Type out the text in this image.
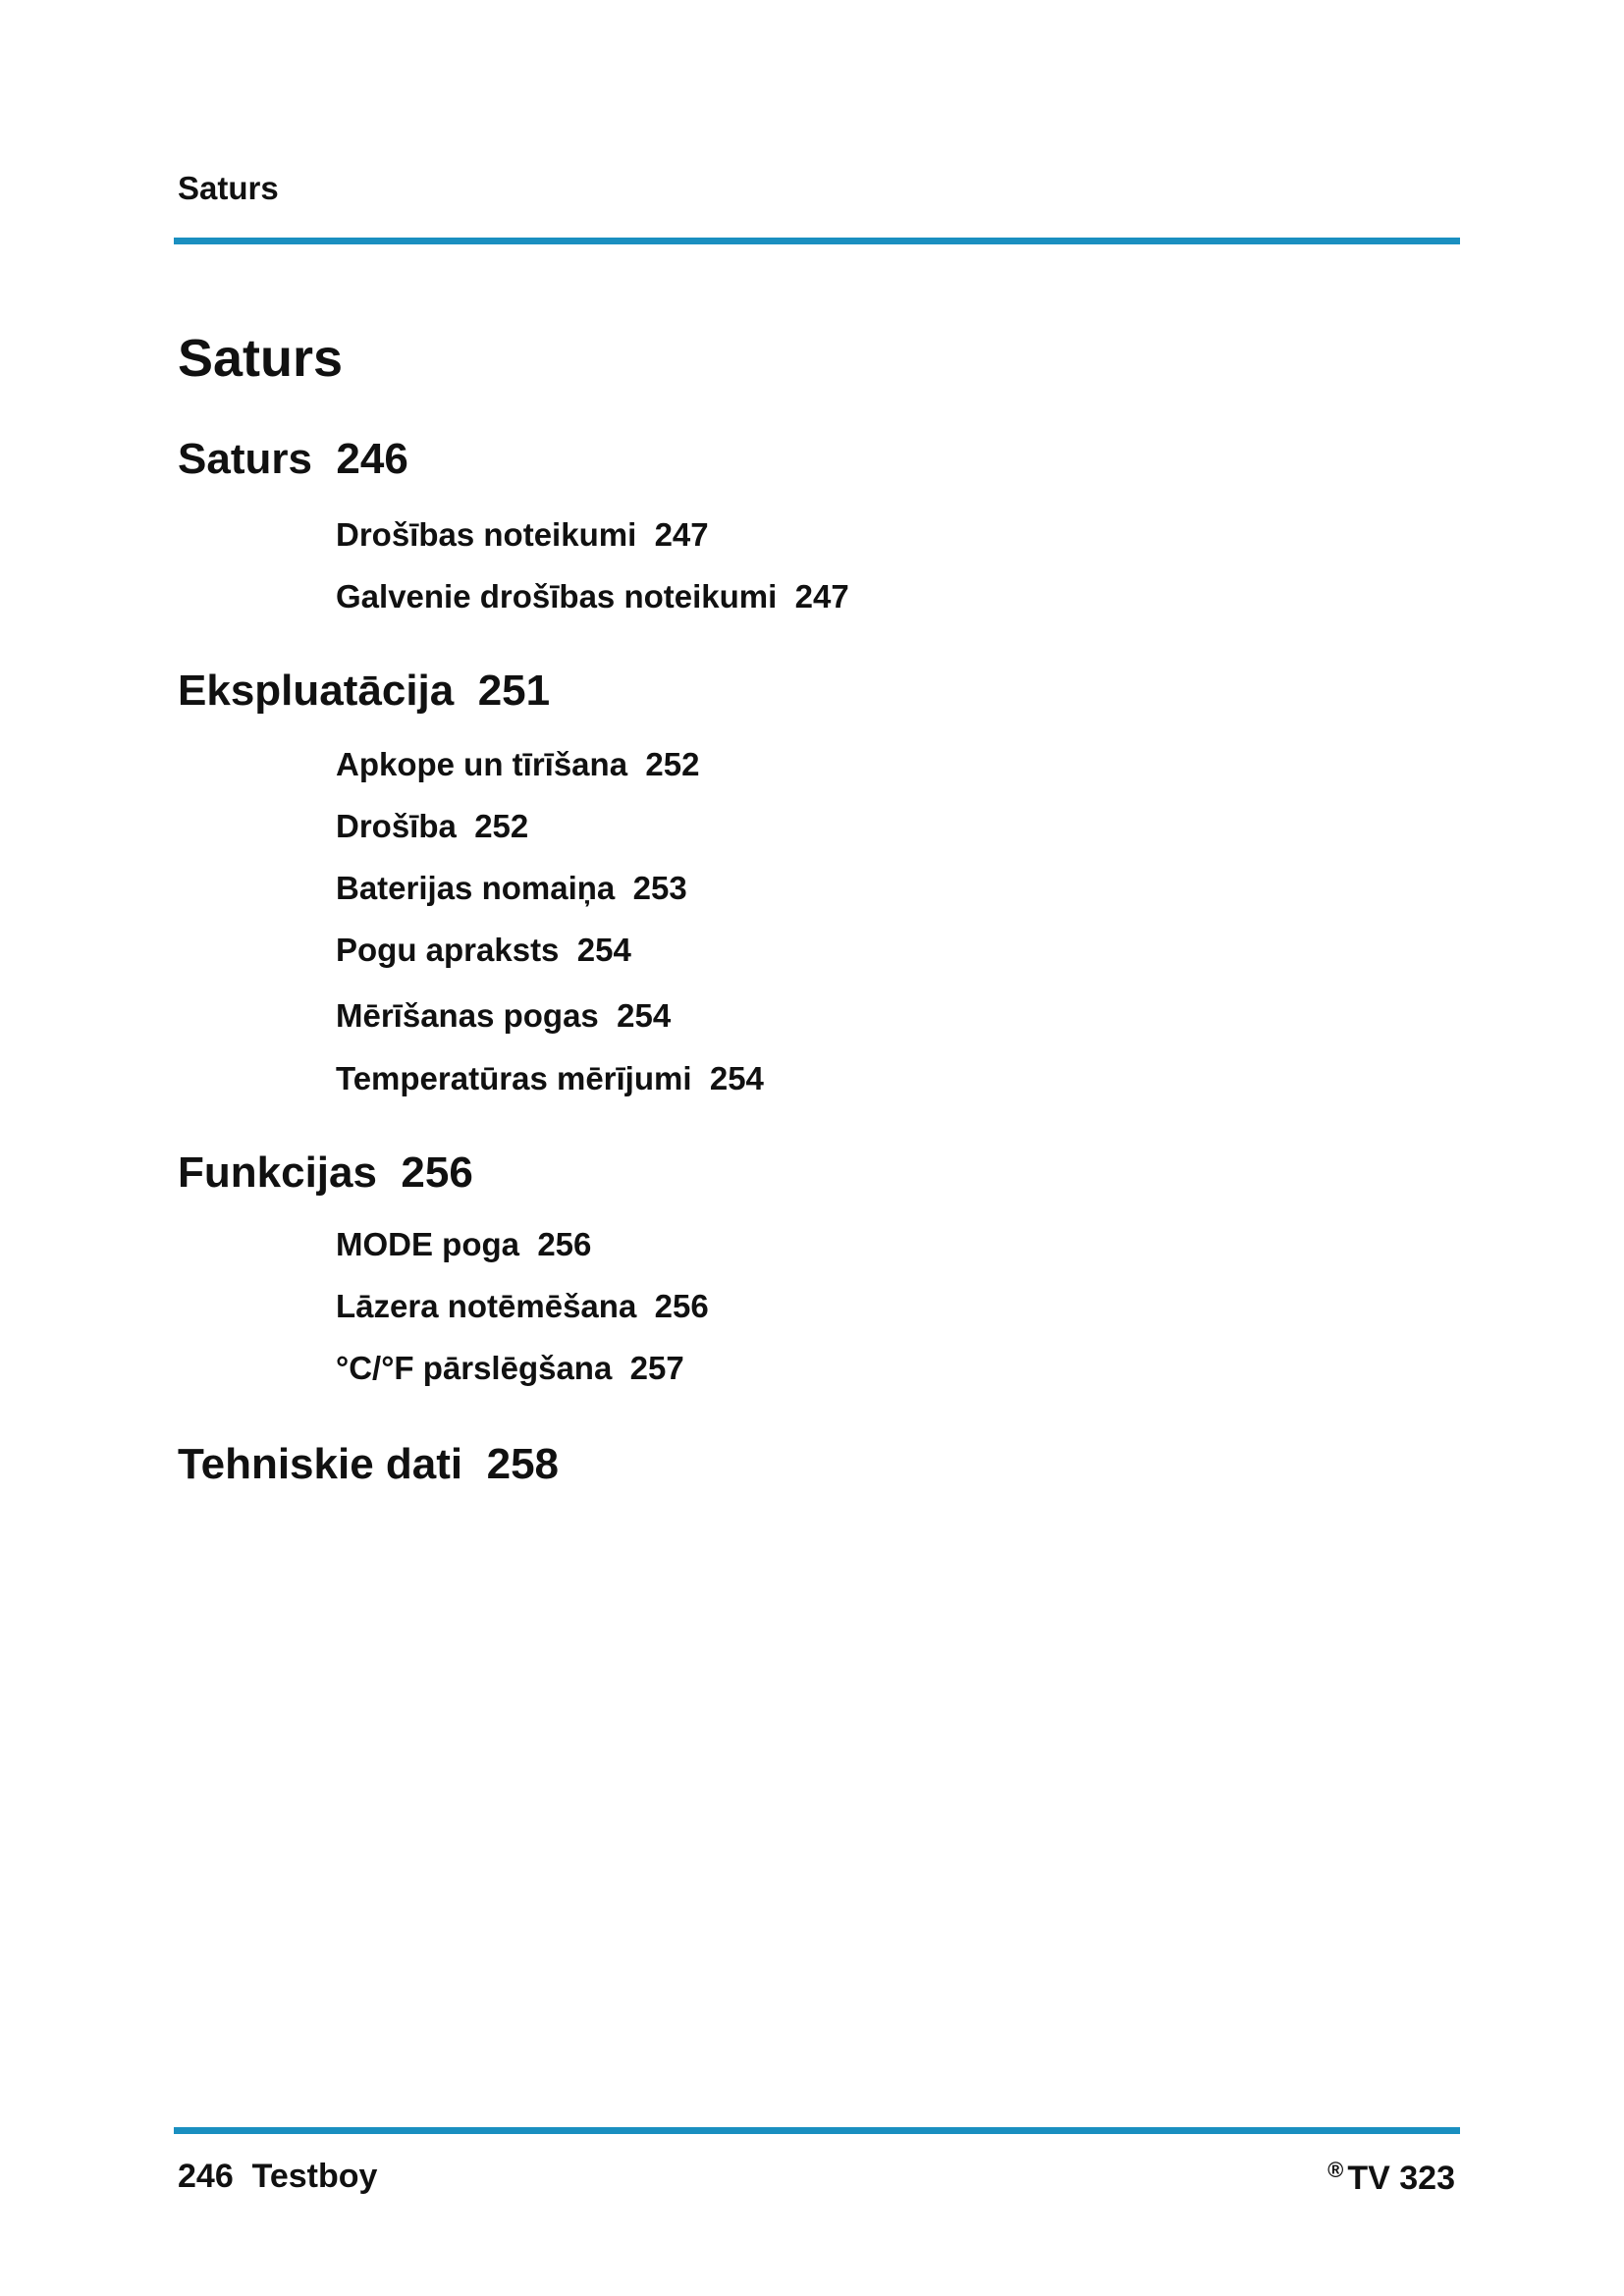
Saturs
Saturs
Saturs  246
Drošības noteikumi  247
Galvenie drošības noteikumi  247
Ekspluatācija  251
Apkope un tīrīšana  252
Drošība  252
Baterijas nomaiņa  253
Pogu apraksts  254
Mērīšanas pogas  254
Temperatūras mērījumi  254
Funkcijas  256
MODE poga  256
Lāzera notēmēšana  256
°C/°F pārslēgšana  257
Tehniskie dati  258
246  Testboy	® TV 323
